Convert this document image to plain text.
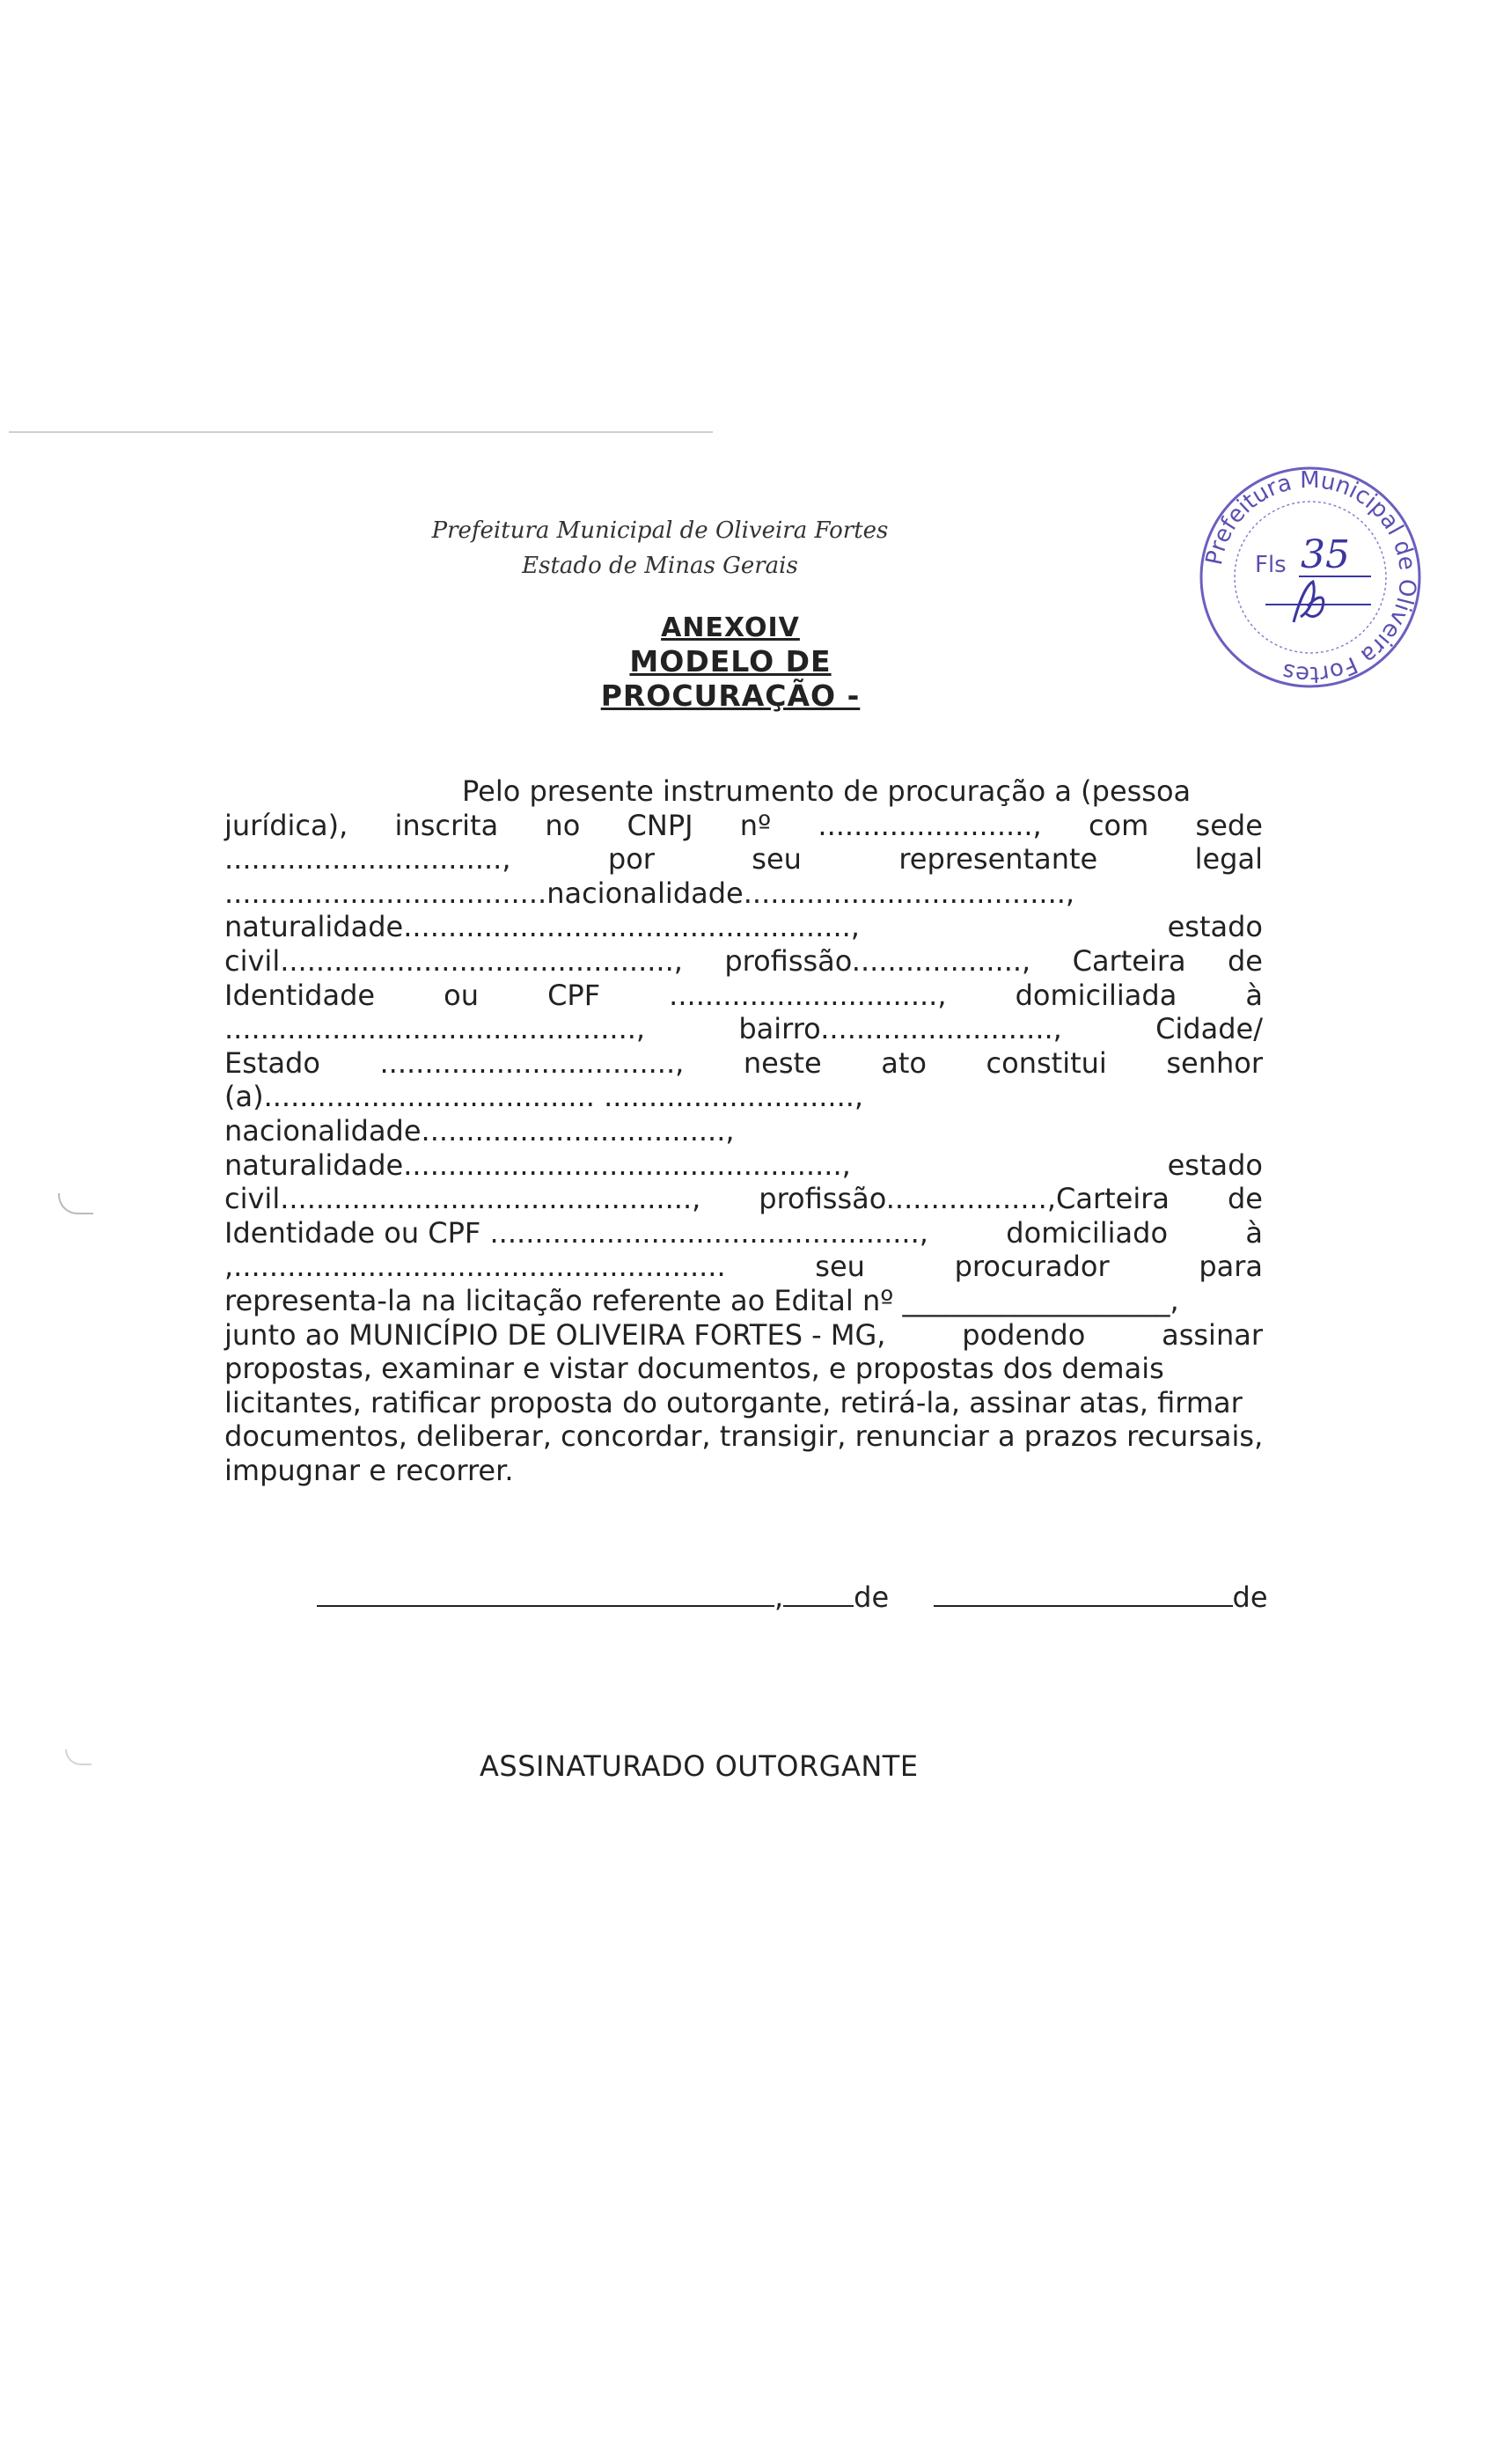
Prefeitura Municipal de Oliveira Fortes
Estado de Minas Gerais
ANEXOIV
MODELO DE PROCURAÇÃO -
Prefeitura Municipal de Oliveira Fortes
Fls 35
Pelo presente instrumento de procuração a (pessoa
jurídica), inscrita no CNPJ nº ........................, com sede
...............................,	por	seu	representante	legal
....................................nacionalidade....................................,
naturalidade..................................................,	estado
civil............................................, profissão..................., Carteira de
Identidade ou CPF .............................., domiciliada à
..............................................,	bairro..........................,	Cidade/
Estado ................................., neste ato constitui senhor
(a)..................................... ............................,
nacionalidade..................................,
naturalidade.................................................,	estado
civil.............................................., profissão..................,Carteira de
Identidade ou CPF ................................................,	domiciliado	à
,.......................................................	seu	procurador	para
representa-la na licitação referente ao Edital nº ___________________,
junto ao MUNICÍPIO DE OLIVEIRA FORTES - MG,	podendo	assinar
propostas, examinar e vistar documentos, e propostas dos demais
licitantes, ratificar proposta do outorgante, retirá-la, assinar atas, firmar
documentos, deliberar, concordar, transigir, renunciar a prazos recursais,
impugnar e recorrer.
,	de	de
ASSINATURADO OUTORGANTE
